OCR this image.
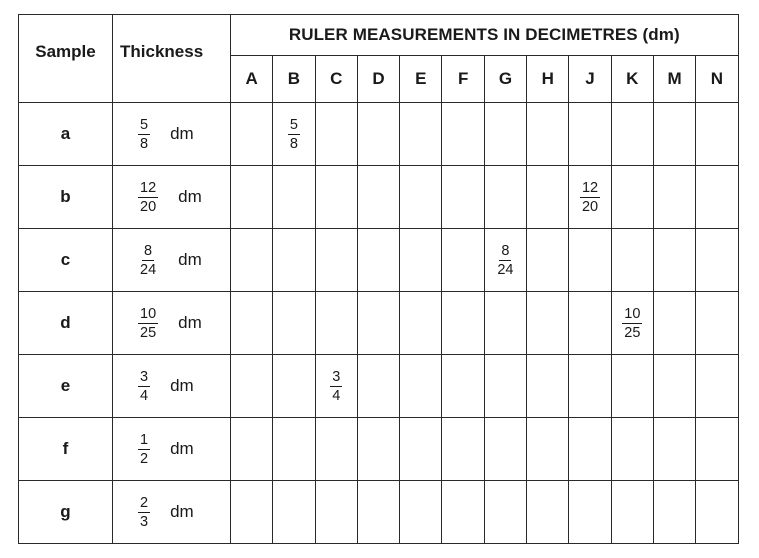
Sample	Thickness	RULER MEASUREMENTS IN DECIMETRES (dm)											
		A	B	C	D	E	F	G	H	J	K	M	N
a	$\frac{5}{8}$ dm		$\frac{5}{8}$

b	$\frac{12}{20}$ dm									$\frac{12}{20}$

c	$\frac{8}{24}$ dm							$\frac{8}{24}$

d	$\frac{10}{25}$ dm										$\frac{10}{25}$

e	$\frac{3}{4}$ dm			$\frac{3}{4}$

f	$\frac{1}{2}$ dm												

g	$\frac{2}{3}$ dm												
